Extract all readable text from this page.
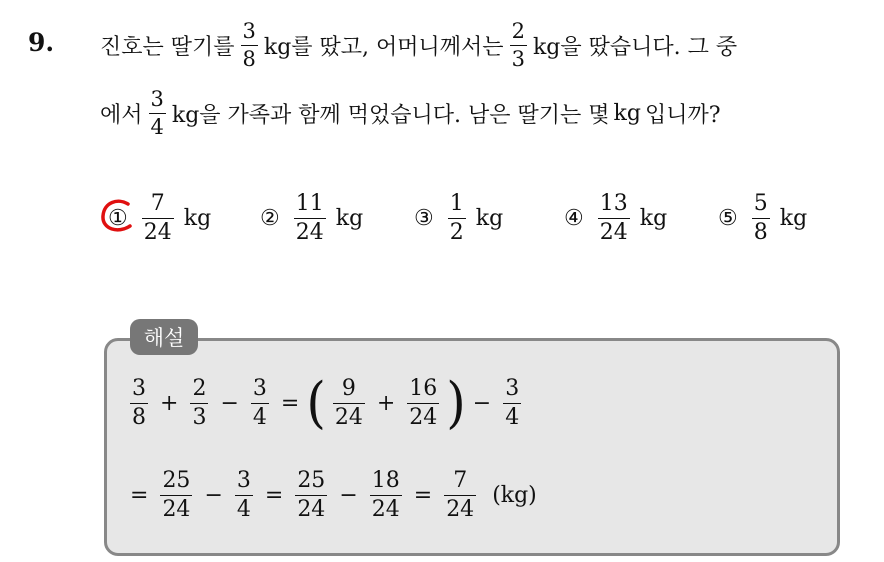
9. 진호는 딸기를 $\frac{3}{8}$ kg를 땄고, 어머니께서는 $\frac{2}{3}$ kg을 땄습니다. 그 중
에서 $\frac{3}{4}$ kg을 가족과 함께 먹었습니다. 남은 딸기는 몇 kg 입니까?
① $\frac{7}{24}$ kg ② $\frac{11}{24}$ kg ③ $\frac{1}{2}$ kg	④ $\frac{13}{24}$ kg ⑤ $\frac{5}{8}$ kg
해설
$\frac{3}{8} + \frac{2}{3} - \frac{3}{4}$ = ( $\frac{9}{24} + \frac{16}{24}$ ) − $\frac{3}{4}$
= $\frac{25}{24} - \frac{3}{4} = \frac{25}{24} - \frac{18}{24} = \frac{7}{24} (kg)$
